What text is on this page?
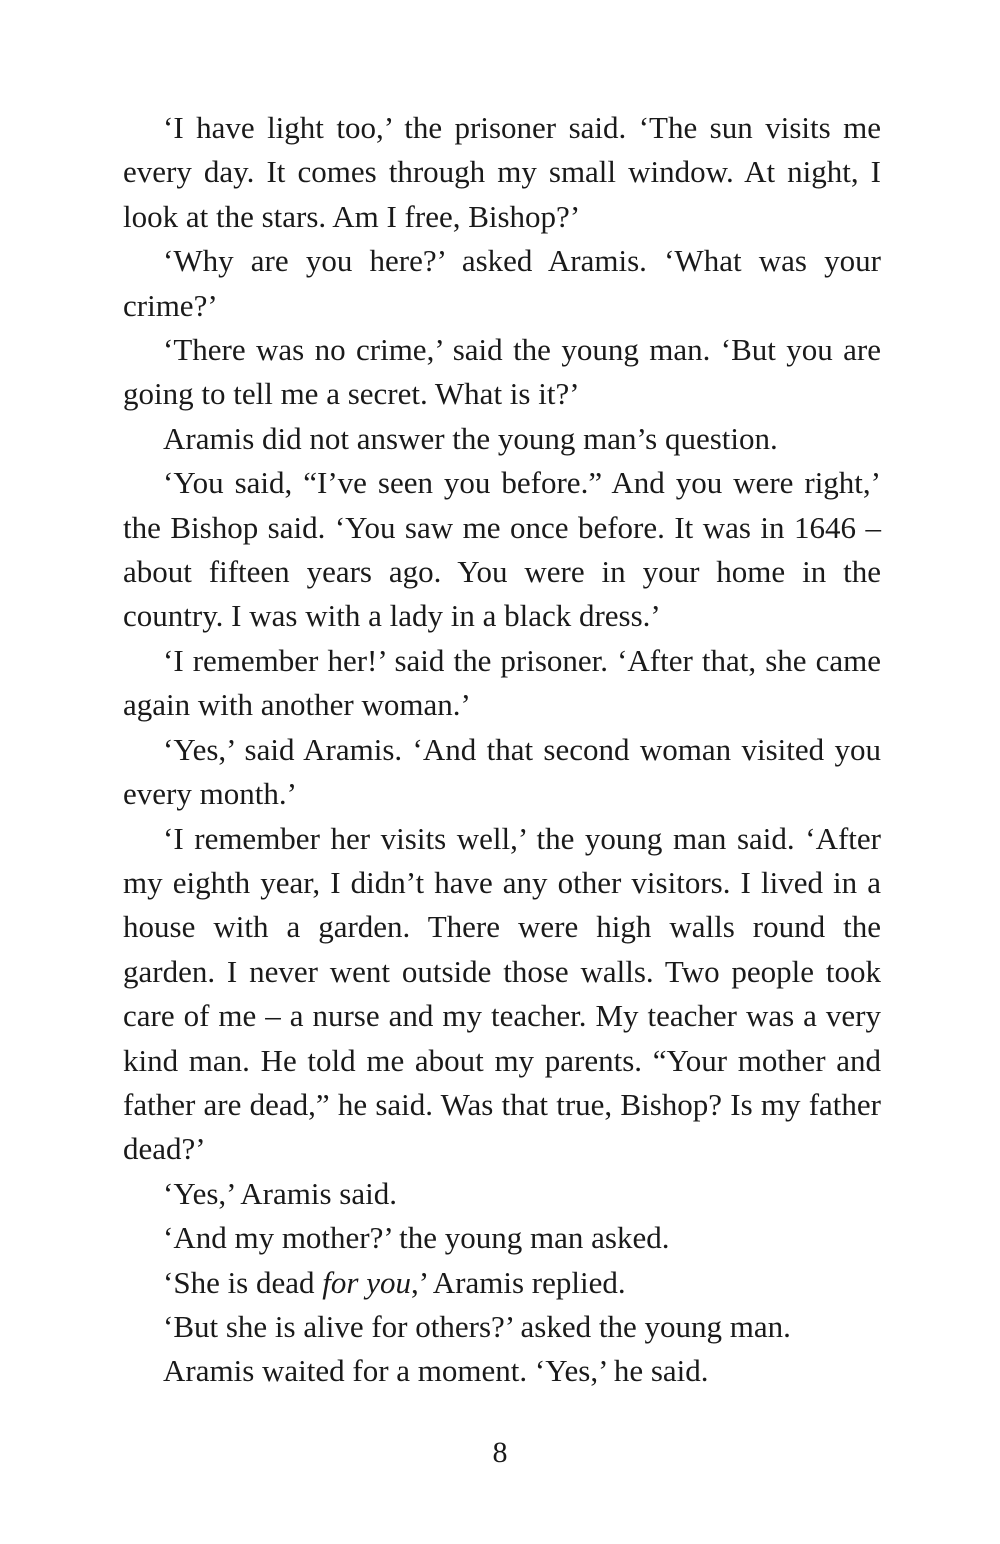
‘I have light too,’ the prisoner said. ‘The sun visits me every day. It comes through my small window. At night, I look at the stars. Am I free, Bishop?’

‘Why are you here?’ asked Aramis. ‘What was your crime?’

‘There was no crime,’ said the young man. ‘But you are going to tell me a secret. What is it?’

Aramis did not answer the young man’s question.

‘You said, “I’ve seen you before.” And you were right,’ the Bishop said. ‘You saw me once before. It was in 1646 – about fifteen years ago. You were in your home in the country. I was with a lady in a black dress.’

‘I remember her!’ said the prisoner. ‘After that, she came again with another woman.’

‘Yes,’ said Aramis. ‘And that second woman visited you every month.’

‘I remember her visits well,’ the young man said. ‘After my eighth year, I didn’t have any other visitors. I lived in a house with a garden. There were high walls round the garden. I never went outside those walls. Two people took care of me – a nurse and my teacher. My teacher was a very kind man. He told me about my parents. “Your mother and father are dead,” he said. Was that true, Bishop? Is my father dead?’

‘Yes,’ Aramis said.

‘And my mother?’ the young man asked.

‘She is dead for you,’ Aramis replied.

‘But she is alive for others?’ asked the young man.

Aramis waited for a moment. ‘Yes,’ he said.

8
